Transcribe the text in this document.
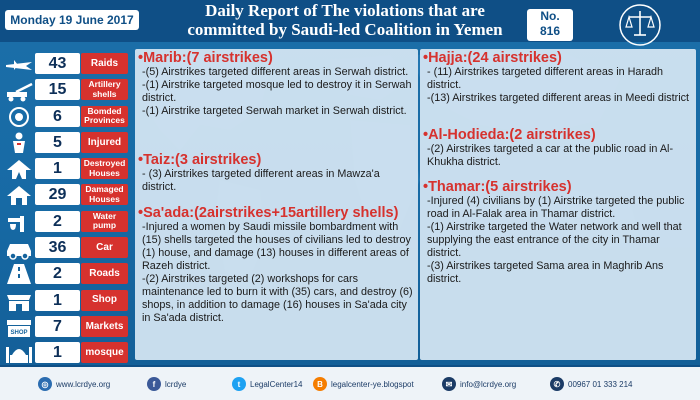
Monday 19 June 2017	Daily Report of The violations that are
committed by Saudi-led Coalition in Yemen
No.
816
43	Raids
15	Artillery shells
6	Bomded Provinces
5	Injured
1	Destroyed Houses
29	Damaged Houses
2	Water pump
36	Car
2	Roads
1	Shop
SHOP	7	Markets
1	mosque
•Marib:(7 airstrikes)

-(5) Airstrikes targeted different areas in Serwah district.

-(1) Airstrike targeted mosque led to destroy it in Serwah district.

-(1) Airstrike targeted Serwah market in Serwah district.

•Taiz:(3 airstrikes)

- (3) Airstrikes targeted different areas in Mawza'a district.

•Sa'ada:(2airstrikes+15artillery shells)

-Injured a women by Saudi missile bombardment with (15) shells targeted the houses of civilians led to destroy (1) house, and damage (13) houses in different areas of Razeh district.

-(2) Airstrikes targeted (2) workshops for cars maintenance led to burn it with (35) cars, and destroy (6) shops, in addition to damage (16) houses in Sa'ada city in Sa'ada district.

•Hajja:(24 airstrikes)

- (11) Airstrikes targeted different areas in Haradh district.

-(13) Airstrikes targeted different areas in Meedi district

•Al-Hodieda:(2 airstrikes)

-(2) Airstrikes targeted a car at the public road in Al-Khukha district.

•Thamar:(5 airstrikes)

-Injured (4) civilians by (1) Airstrike targeted the public road in Al-Falak area in Thamar district.

-(1) Airstrike targeted the Water network and well that supplying the east entrance of the city in Thamar district.

-(3) Airstrikes targeted Sama area in Maghrib Ans district.

◎ www.lcrdye.org	f	lcrdye	t	LegalCenter14	B	legalcenter-ye.blogspot	✉ info@lcrdye.org	✆ 00967 01 333 214
